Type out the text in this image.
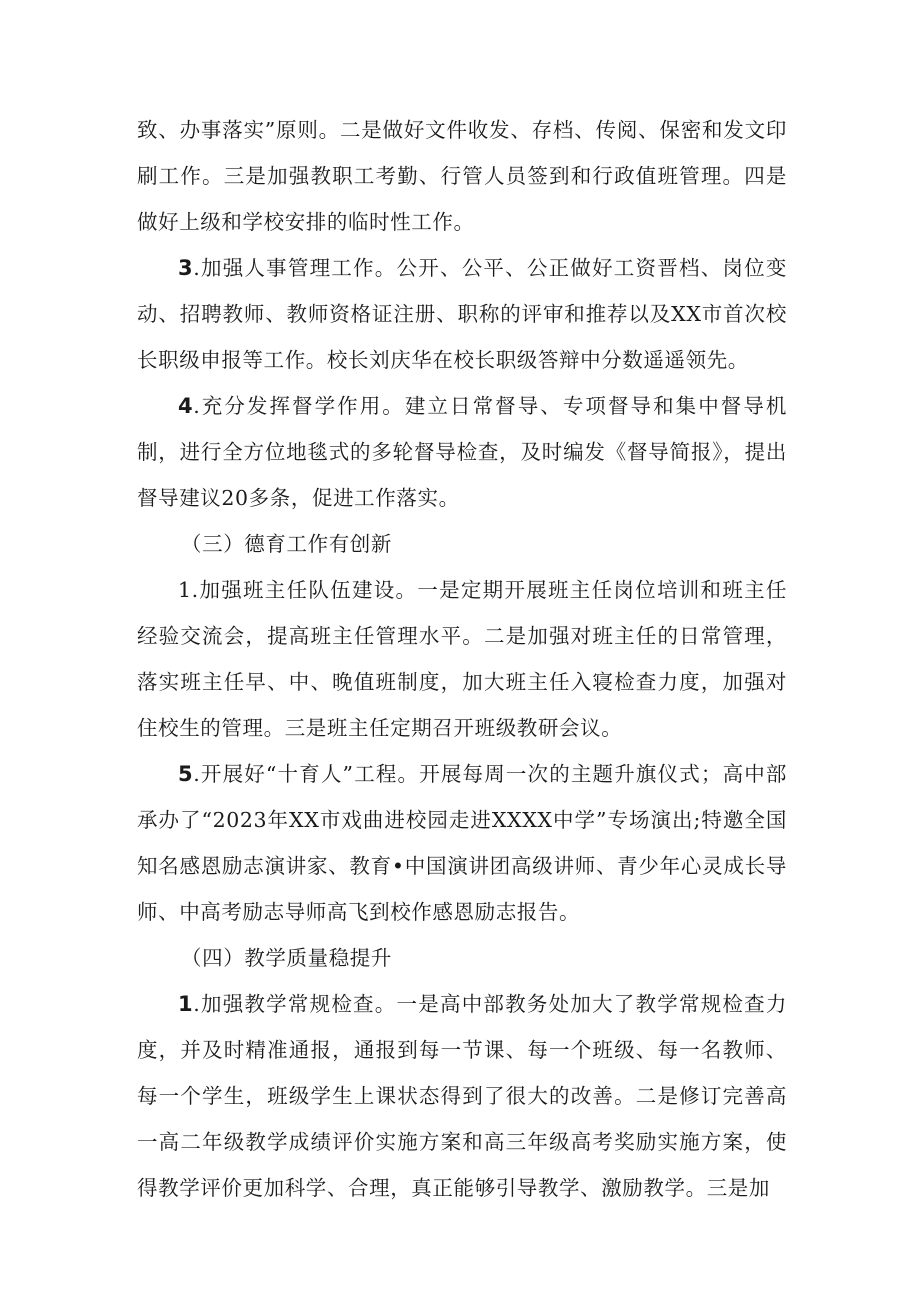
致、办事落实”原则。二是做好文件收发、存档、传阅、保密和发文印刷工作。三是加强教职工考勤、行管人员签到和行政值班管理。四是做好上级和学校安排的临时性工作。

3.加强人事管理工作。公开、公平、公正做好工资晋档、岗位变动、招聘教师、教师资格证注册、职称的评审和推荐以及XX市首次校长职级申报等工作。校长刘庆华在校长职级答辩中分数遥遥领先。

4.充分发挥督学作用。建立日常督导、专项督导和集中督导机制，进行全方位地毯式的多轮督导检查，及时编发《督导简报》，提出督导建议20多条，促进工作落实。

（三）德育工作有创新

1.加强班主任队伍建设。一是定期开展班主任岗位培训和班主任经验交流会，提高班主任管理水平。二是加强对班主任的日常管理，落实班主任早、中、晚值班制度，加大班主任入寝检查力度，加强对住校生的管理。三是班主任定期召开班级教研会议。

5.开展好“十育人”工程。开展每周一次的主题升旗仪式；高中部承办了“2023年XX市戏曲进校园走进XXXX中学”专场演出;特邀全国知名感恩励志演讲家、教育•中国演讲团高级讲师、青少年心灵成长导师、中高考励志导师高飞到校作感恩励志报告。

（四）教学质量稳提升

1.加强教学常规检查。一是高中部教务处加大了教学常规检查力度，并及时精准通报，通报到每一节课、每一个班级、每一名教师、每一个学生，班级学生上课状态得到了很大的改善。二是修订完善高一高二年级教学成绩评价实施方案和高三年级高考奖励实施方案，使得教学评价更加科学、合理，真正能够引导教学、激励教学。三是加
